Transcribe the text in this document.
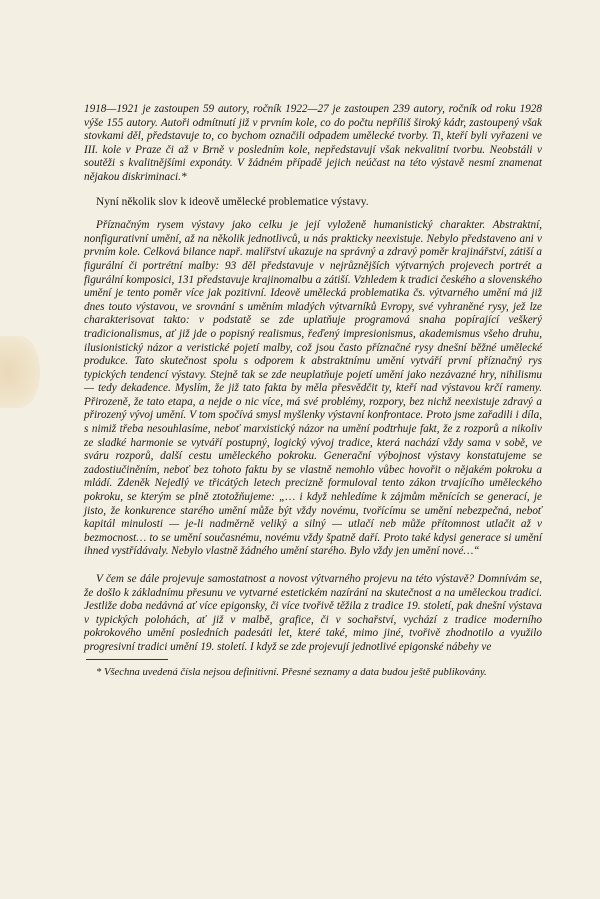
1918—1921 je zastoupen 59 autory, ročník 1922—27 je zastoupen 239 autory, ročník od roku 1928 výše 155 autory. Autoři odmítnutí již v prvním kole, co do počtu nepříliš široký kádr, zastoupený však stovkami děl, představuje to, co bychom označili odpadem umělecké tvorby. Ti, kteří byli vyřazeni ve III. kole v Praze či až v Brně v posledním kole, nepředstavují však nekvalitní tvorbu. Neobstáli v soutěži s kvalitnějšími exponáty. V žádném případě jejich neúčast na této výstavě nesmí znamenat nějakou diskriminaci.*

Nyní několik slov k ideově umělecké problematice výstavy.

Příznačným rysem výstavy jako celku je její vyloženě humanistický charakter. Abstraktní, nonfigurativní umění, až na několik jednotlivců, u nás prakticky neexistuje. Nebylo představeno ani v prvním kole. Celková bilance např. malířství ukazuje na správný a zdravý poměr krajinářství, zátiší a figurální či portrétní malby: 93 děl představuje v nejrůznějších výtvarných projevech portrét a figurální komposici, 131 představuje krajinomalbu a zátiší. Vzhledem k tradici českého a slovenského umění je tento poměr více jak pozitivní. Ideově umělecká problematika čs. výtvarného umění má již dnes touto výstavou, ve srovnání s uměním mladých výtvarníků Evropy, své vyhraněné rysy, jež lze charakterisovat takto: v podstatě se zde uplatňuje programová snaha popírající veškerý tradicionalismus, ať již jde o popisný realismus, řeďený impresionismus, akademismus všeho druhu, ilusionistický názor a veristické pojetí malby, což jsou často příznačné rysy dnešní běžné umělecké produkce. Tato skutečnost spolu s odporem k abstraktnímu umění vytváří první příznačný rys typických tendencí výstavy. Stejně tak se zde neuplatňuje pojetí umění jako nezávazné hry, nihilismu — tedy dekadence. Myslím, že již tato fakta by měla přesvědčit ty, kteří nad výstavou krčí rameny. Přirozeně, že tato etapa, a nejde o nic více, má své problémy, rozpory, bez nichž neexistuje zdravý a přirozený vývoj umění. V tom spočívá smysl myšlenky výstavní konfrontace. Proto jsme zařadili i díla, s nimiž třeba nesouhlasíme, neboť marxistický názor na umění podtrhuje fakt, že z rozporů a nikoliv ze sladké harmonie se vytváří postupný, logický vývoj tradice, která nachází vždy sama v sobě, ve sváru rozporů, další cestu uměleckého pokroku. Generační výbojnost výstavy konstatujeme se zadostiučiněním, neboť bez tohoto faktu by se vlastně nemohlo vůbec hovořit o nějakém pokroku a mládí. Zdeněk Nejedlý ve třicátých letech precizně formuloval tento zákon trvajícího uměleckého pokroku, se kterým se plně ztotožňujeme: „… i když nehledíme k zájmům měnících se generací, je jisto, že konkurence starého umění může být vždy novému, tvořícímu se umění nebezpečná, neboť kapitál minulosti — je-li nadměrně veliký a silný — utlačí neb může přítomnost utlačit až v bezmocnost… to se umění současnému, novému vždy špatně daří. Proto také kdysi generace si umění ihned vystřídávaly. Nebylo vlastně žádného umění starého. Bylo vždy jen umění nové…“

V čem se dále projevuje samostatnost a novost výtvarného projevu na této výstavě? Domnívám se, že došlo k základnímu přesunu ve vytvarné estetickém nazírání na skutečnost a na uměleckou tradici. Jestliže doba nedávná ať více epigonsky, či více tvořivě těžila z tradice 19. století, pak dnešní výstava v typických polohách, ať již v malbě, grafice, či v sochařství, vychází z tradice moderního pokrokového umění posledních padesáti let, které také, mimo jiné, tvořivě zhodnotilo a využilo progresivní tradici umění 19. století. I když se zde projevují jednotlivé epigonské nábehy ve

* Všechna uvedená čísla nejsou definitivní. Přesné seznamy a data budou ještě publikovány.
